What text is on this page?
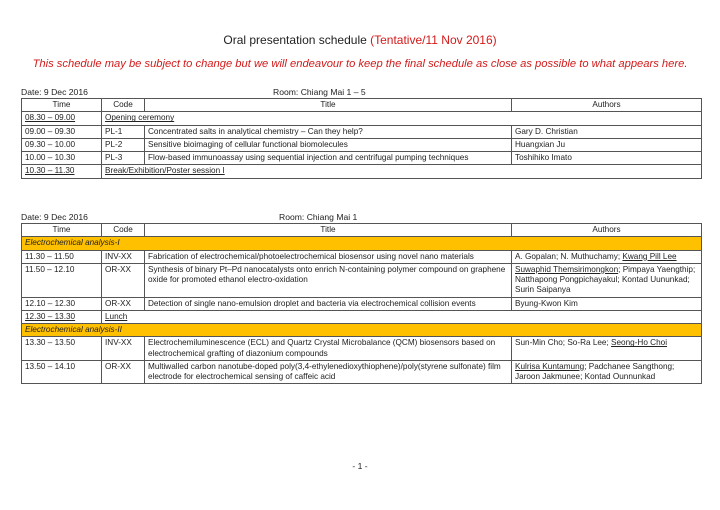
Oral presentation schedule (Tentative/11 Nov 2016)
This schedule may be subject to change but we will endeavour to keep the final schedule as close as possible to what appears here.
Date: 9 Dec 2016	Room: Chiang Mai 1 – 5
Time	Code	Title	Authors
08.30 – 09.00	Opening ceremony		
09.00 – 09.30	PL-1	Concentrated salts in analytical chemistry – Can they help?	Gary D. Christian
09.30 – 10.00	PL-2	Sensitive bioimaging of cellular functional biomolecules	Huangxian Ju
10.00 – 10.30	PL-3	Flow-based immunoassay using sequential injection and centrifugal pumping techniques	Toshihiko Imato
10.30 – 11.30	Break/Exhibition/Poster session I		
Date: 9 Dec 2016	Room: Chiang Mai 1
Time	Code	Title	Authors
Electrochemical analysis-I			
11.30 – 11.50	INV-XX	Fabrication of electrochemical/photoelectrochemical biosensor using novel nano materials	A. Gopalan; N. Muthuchamy; Kwang Pill Lee
11.50 – 12.10	OR-XX	Synthesis of binary Pt–Pd nanocatalysts onto enrich N-containing polymer compound on graphene oxide for promoted ethanol electro-oxidation	Suwaphid Themsirimongkon; Pimpaya Yaengthip; Natthapong Pongpichayakul; Kontad Uununkad; Surin Saipanya
12.10 – 12.30	OR-XX	Detection of single nano-emulsion droplet and bacteria via electrochemical collision events	Byung-Kwon Kim
12.30 – 13.30	Lunch		
Electrochemical analysis-II			
13.30 – 13.50	INV-XX	Electrochemiluminescence (ECL) and Quartz Crystal Microbalance (QCM) biosensors based on electrochemical grafting of diazonium compounds	Sun-Min Cho; So-Ra Lee; Seong-Ho Choi
13.50 – 14.10	OR-XX	Multiwalled carbon nanotube-doped poly(3,4-ethylenedioxythiophene)/poly(styrene sulfonate) film electrode for electrochemical sensing of caffeic acid	Kulrisa Kuntamung; Padchanee Sangthong; Jaroon Jakmunee; Kontad Ounnunkad
- 1 -
